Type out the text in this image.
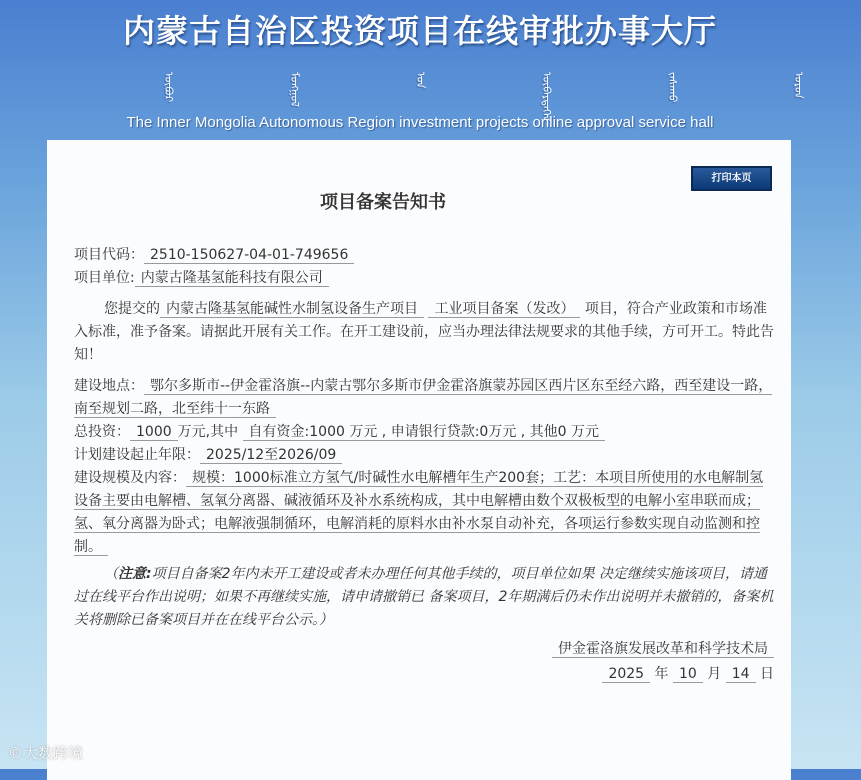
内蒙古自治区投资项目在线审批办事大厅
ᠥᠪᠦᠷ ᠮᠣᠩᠭᠣᠯ ᠤᠨ ᠥᠪᠡᠷᠲᠡᠭᠡᠨ ᠵᠠᠰᠠᠬᠤ ᠣᠷᠣᠨ
The Inner Mongolia Autonomous Region investment projects online approval service hall
打印本页
项目备案告知书
项目代码： 2510-150627-04-01-749656
项目单位: 内蒙古隆基氢能科技有限公司
您提交的 内蒙古隆基氢能碱性水制氢设备生产项目 工业项目备案（发改） 项目，符合产业政策和市场准入标准，准予备案。请据此开展有关工作。在开工建设前，应当办理法律法规要求的其他手续，方可开工。特此告知！
建设地点： 鄂尔多斯市--伊金霍洛旗--内蒙古鄂尔多斯市伊金霍洛旗蒙苏园区西片区东至经六路，西至建设一路，南至规划二路，北至纬十一东路
总投资： 1000 万元,其中 自有资金:1000 万元 , 申请银行贷款:0万元 , 其他0 万元
计划建设起止年限： 2025/12至2026/09
建设规模及内容： 规模：1000标准立方氢气/时碱性水电解槽年生产200套；工艺：本项目所使用的水电解制氢设备主要由电解槽、氢氧分离器、碱液循环及补水系统构成，其中电解槽由数个双极板型的电解小室串联而成；氢、氧分离器为卧式；电解液强制循环，电解消耗的原料水由补水泵自动补充，各项运行参数实现自动监测和控制。
（注意:项目自备案2年内未开工建设或者未办理任何其他手续的，项目单位如果 决定继续实施该项目，请通过在线平台作出说明；如果不再继续实施，请申请撤销已 备案项目，2年期满后仍未作出说明并未撤销的，备案机关将删除已备案项目并在在线平台公示。）
伊金霍洛旗发展改革和科学技术局
2025 年 10 月 14 日
©大数跨境
